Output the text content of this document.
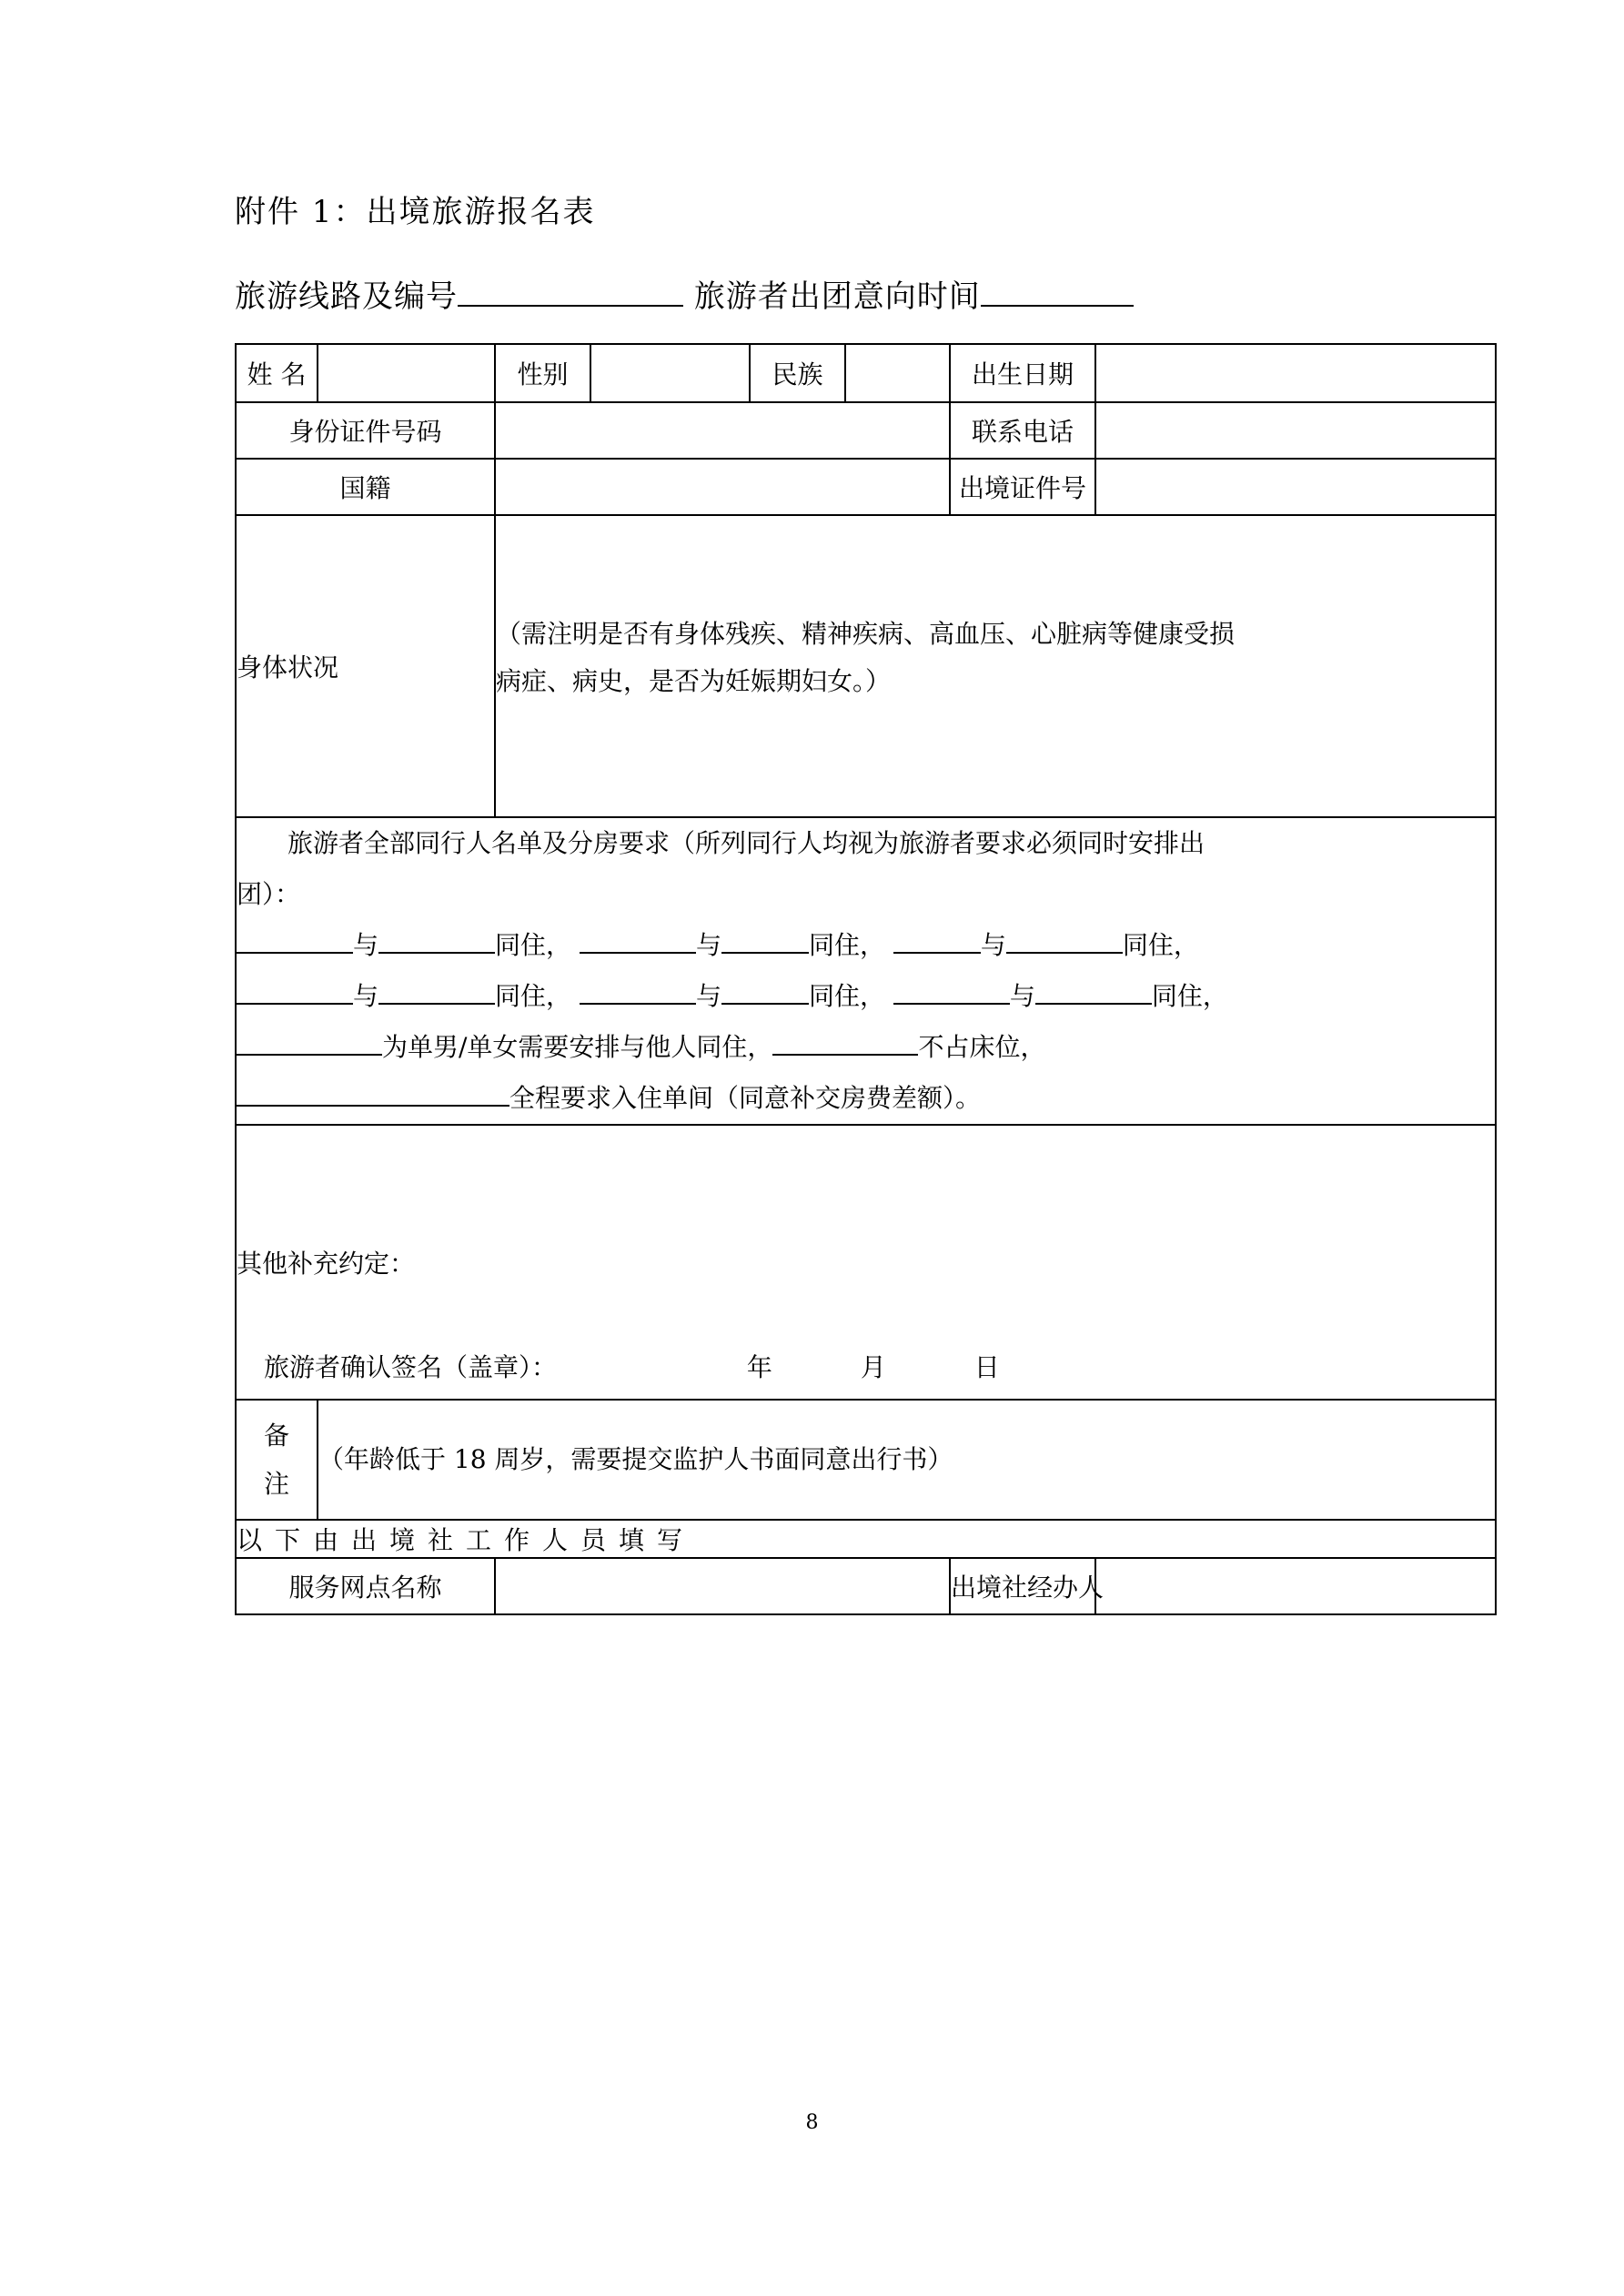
附件 1：出境旅游报名表
旅游线路及编号	旅游者出团意向时间
姓 名		性别		民族		出生日期	
身份证件号码						联系电话	
国籍						出境证件号	
身体状况		（需注明是否有身体残疾、精神疾病、高血压、心脏病等健康受损
病症、病史，是否为妊娠期妇女。）					

旅游者全部同行人名单及分房要求（所列同行人均视为旅游者要求必须同时安排出

团）：

与	同住，	与	同住，	与	同住，

与	同住，	与	同住，	与	同住，

为单男/单女需要安排与他人同住，	不占床位，

全程要求入住单间（同意补交房费差额）。

其他补充约定：
旅游者确认签名（盖章）： 年 月 日							

备
注	（年龄低于 18 周岁，需要提交监护人书面同意出行书）						
以下由出境社工作人员填写							
服务网点名称						出境社经办人	
8
